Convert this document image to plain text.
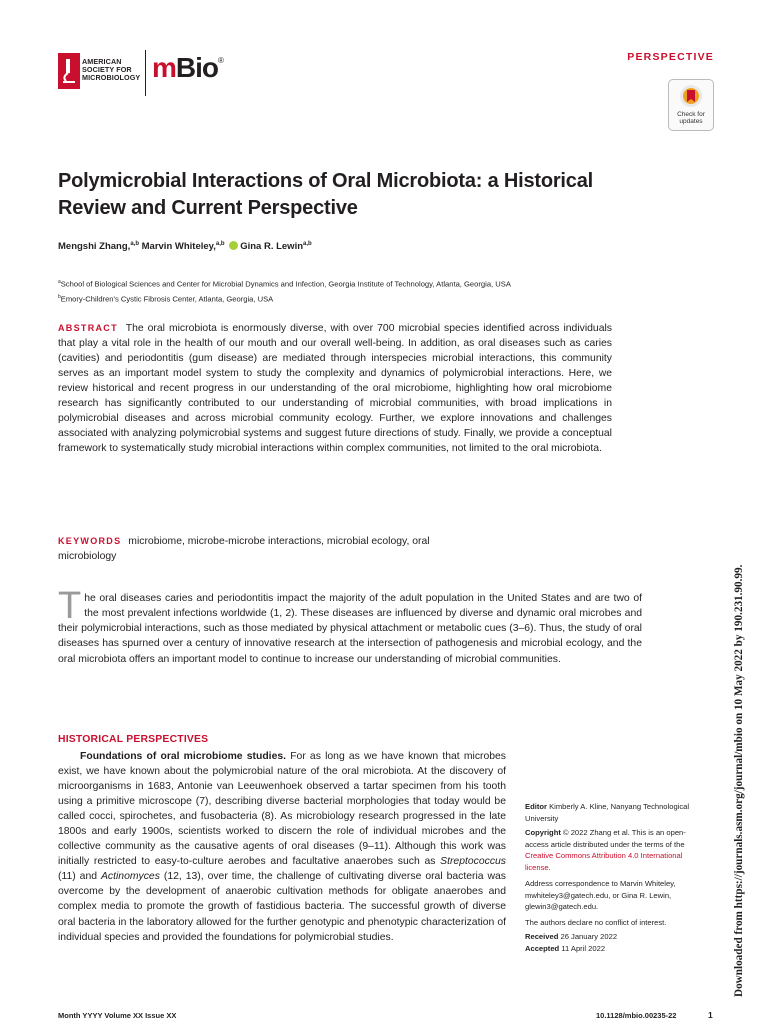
AMERICAN
SOCIETY FOR
MICROBIOLOGY mBio®	PERSPECTIVE
Check for updates
Polymicrobial Interactions of Oral Microbiota: a Historical Review and Current Perspective
Mengshi Zhang,$^{a,b}$ Marvin Whiteley,$^{a,b}$ Gina R. Lewin$^{a,b}$
$^a$School of Biological Sciences and Center for Microbial Dynamics and Infection, Georgia Institute of Technology, Atlanta, Georgia, USA
$^b$Emory-Children's Cystic Fibrosis Center, Atlanta, Georgia, USA
ABSTRACT The oral microbiota is enormously diverse, with over 700 microbial species identified across individuals that play a vital role in the health of our mouth and our overall well-being. In addition, as oral diseases such as caries (cavities) and periodontitis (gum disease) are mediated through interspecies microbial interactions, this community serves as an important model system to study the complexity and dynamics of polymicrobial interactions. Here, we review historical and recent progress in our understanding of the oral microbiome, highlighting how oral microbiome research has significantly contributed to our understanding of microbial communities, with broad implications in polymicrobial diseases and across microbial community ecology. Further, we explore innovations and challenges associated with analyzing polymicrobial systems and suggest future directions of study. Finally, we provide a conceptual framework to systematically study microbial interactions within complex communities, not limited to the oral microbiota.
KEYWORDS microbiome, microbe-microbe interactions, microbial ecology, oral microbiology
T he oral diseases caries and periodontitis impact the majority of the adult population in the United States and are two of the most prevalent infections worldwide (1, 2). These diseases are influenced by diverse and dynamic oral microbes and their polymicrobial interactions, such as those mediated by physical attachment or metabolic cues (3–6). Thus, the study of oral diseases has spurned over a century of innovative research at the intersection of pathogenesis and microbial ecology, and the oral microbiota offers an important model to continue to increase our understanding of microbial communities.
HISTORICAL PERSPECTIVES
Foundations of oral microbiome studies. For as long as we have known that microbes exist, we have known about the polymicrobial nature of the oral microbiota. At the discovery of microorganisms in 1683, Antonie van Leeuwenhoek observed a tartar specimen from his tooth using a primitive microscope (7), describing diverse bacterial morphologies that today would be called cocci, spirochetes, and fusobacteria (8). As microbiology research progressed in the late 1800s and early 1900s, scientists worked to discern the role of individual microbes and the collective community as the causative agents of oral diseases (9–11). Although this work was initially restricted to easy-to-culture aerobes and facultative anaerobes such as Streptococcus (11) and Actinomyces (12, 13), over time, the challenge of cultivating diverse oral bacteria was overcome by the development of anaerobic cultivation methods for obligate anaerobes and complex media to promote the growth of fastidious bacteria. The successful growth of diverse oral bacteria in the laboratory allowed for the further genotypic and phenotypic characterization of individual species and provided the foundations for polymicrobial studies.
Editor Kimberly A. Kline, Nanyang Technological University
Copyright © 2022 Zhang et al. This is an open-access article distributed under the terms of the Creative Commons Attribution 4.0 International license.
Address correspondence to Marvin Whiteley, mwhiteley3@gatech.edu, or Gina R. Lewin, glewin3@gatech.edu.
The authors declare no conflict of interest.
Received 26 January 2022
Accepted 11 April 2022
Month YYYY Volume XX Issue XX	10.1128/mbio.00235-22	1
Downloaded from https://journals.asm.org/journal/mbio on 10 May 2022 by 190.231.90.99.
